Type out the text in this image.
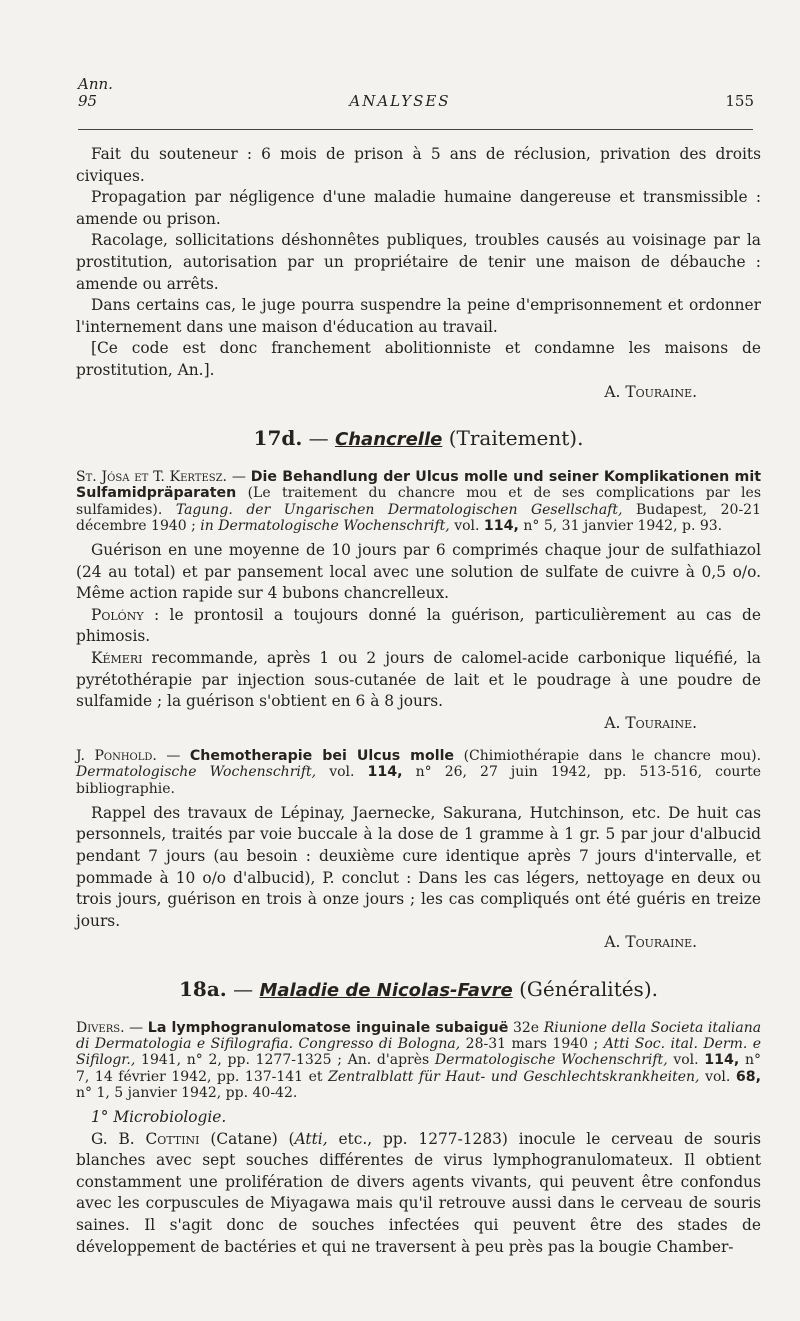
Ann.
95	ANALYSES	155

Fait du souteneur : 6 mois de prison à 5 ans de réclusion, privation des droits civiques.

Propagation par négligence d'une maladie humaine dangereuse et transmissible : amende ou prison.

Racolage, sollicitations déshonnêtes publiques, troubles causés au voisinage par la prostitution, autorisation par un propriétaire de tenir une maison de débauche : amende ou arrêts.

Dans certains cas, le juge pourra suspendre la peine d'emprisonnement et ordonner l'internement dans une maison d'éducation au travail.

[Ce code est donc franchement abolitionniste et condamne les maisons de prostitution, An.].

A. Touraine.

17d. — Chancrelle (Traitement).
St. Jósa et T. Kertesz. — Die Behandlung der Ulcus molle und seiner Komplikationen mit Sulfamidpräparaten (Le traitement du chancre mou et de ses complications par les sulfamides). Tagung. der Ungarischen Dermatologischen Gesellschaft, Budapest, 20-21 décembre 1940 ; in Dermatologische Wochenschrift, vol. 114, n° 5, 31 janvier 1942, p. 93.

Guérison en une moyenne de 10 jours par 6 comprimés chaque jour de sulfathiazol (24 au total) et par pansement local avec une solution de sulfate de cuivre à 0,5 o/o. Même action rapide sur 4 bubons chancrelleux.

Polóny : le prontosil a toujours donné la guérison, particulièrement au cas de phimosis.

Kémeri recommande, après 1 ou 2 jours de calomel-acide carbonique liquéfié, la pyrétothérapie par injection sous-cutanée de lait et le poudrage à une poudre de sulfamide ; la guérison s'obtient en 6 à 8 jours.

A. Touraine.

J. Ponhold. — Chemotherapie bei Ulcus molle (Chimiothérapie dans le chancre mou). Dermatologische Wochenschrift, vol. 114, n° 26, 27 juin 1942, pp. 513-516, courte bibliographie.

Rappel des travaux de Lépinay, Jaernecke, Sakurana, Hutchinson, etc. De huit cas personnels, traités par voie buccale à la dose de 1 gramme à 1 gr. 5 par jour d'albucid pendant 7 jours (au besoin : deuxième cure identique après 7 jours d'intervalle, et pommade à 10 o/o d'albucid), P. conclut : Dans les cas légers, nettoyage en deux ou trois jours, guérison en trois à onze jours ; les cas compliqués ont été guéris en treize jours.

A. Touraine.

18a. — Maladie de Nicolas-Favre (Généralités).
Divers. — La lymphogranulomatose inguinale subaiguë 32e Riunione della Societa italiana di Dermatologia e Sifilografia. Congresso di Bologna, 28-31 mars 1940 ; Atti Soc. ital. Derm. e Sifilogr., 1941, n° 2, pp. 1277-1325 ; An. d'après Dermatologische Wochenschrift, vol. 114, n° 7, 14 février 1942, pp. 137-141 et Zentralblatt für Haut- und Geschlechtskrankheiten, vol. 68, n° 1, 5 janvier 1942, pp. 40-42.

1° Microbiologie.

G. B. Cottini (Catane) (Atti, etc., pp. 1277-1283) inocule le cerveau de souris blanches avec sept souches différentes de virus lymphogranulomateux. Il obtient constamment une prolifération de divers agents vivants, qui peuvent être confondus avec les corpuscules de Miyagawa mais qu'il retrouve aussi dans le cerveau de souris saines. Il s'agit donc de souches infectées qui peuvent être des stades de développement de bactéries et qui ne traversent à peu près pas la bougie Chamber-
